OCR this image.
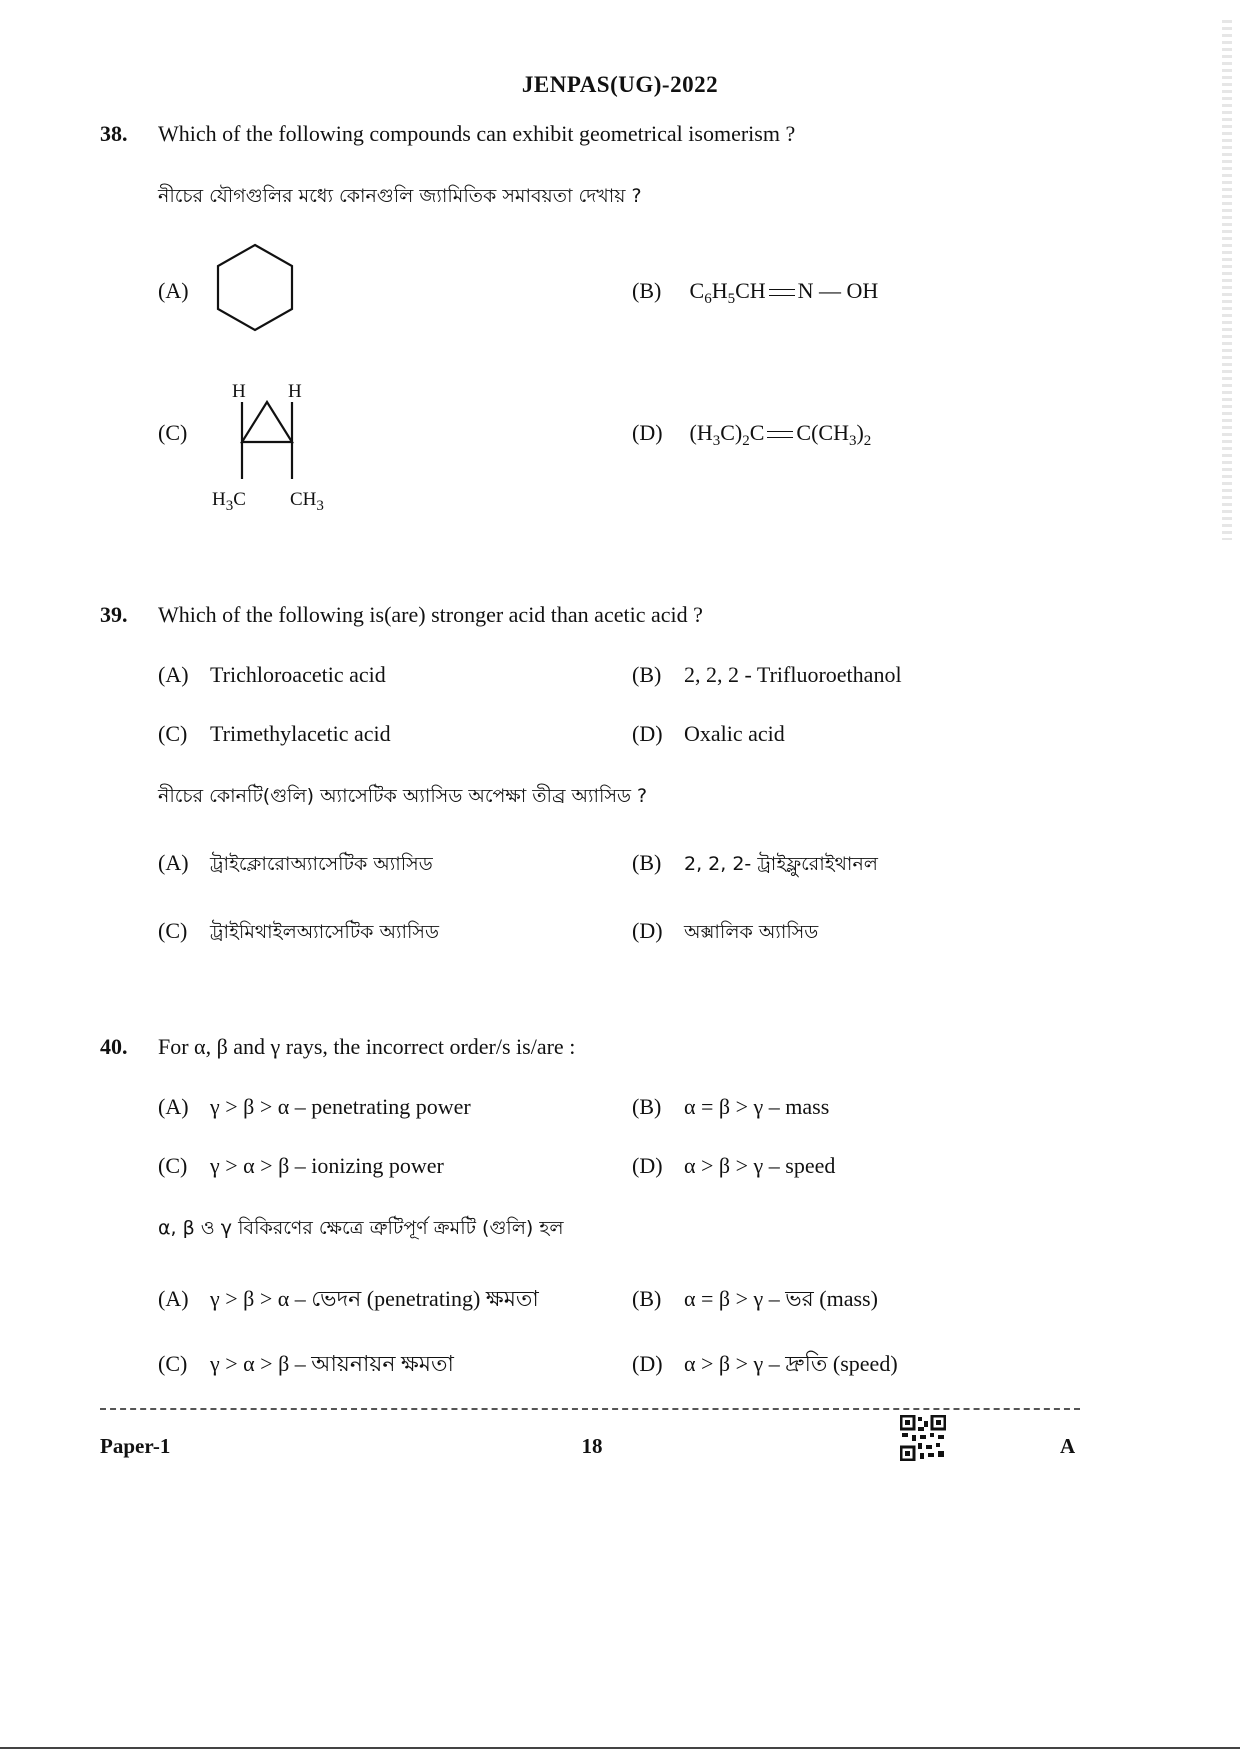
JENPAS(UG)-2022
38. Which of the following compounds can exhibit geometrical isomerism ?
নীচের যৌগগুলির মধ্যে কোনগুলি জ্যামিতিক সমাবয়তা দেখায় ?
(A)	(B) $C_6H_5CH$ N — OH
(C)
H H
$H_3C$ $CH_3$
(D) $(H_3C)_2C$ $C(CH_3)_2$
39. Which of the following is(are) stronger acid than acetic acid ?
(A) Trichloroacetic acid	(B) 2, 2, 2 - Trifluoroethanol
(C) Trimethylacetic acid	(D) Oxalic acid
নীচের কোনটি(গুলি) অ্যাসেটিক অ্যাসিড অপেক্ষা তীব্র অ্যাসিড ?
(A) ট্রাইক্লোরোঅ্যাসেটিক অ্যাসিড	(B) 2, 2, 2- ট্রাইফ্লুরোইথানল
(C) ট্রাইমিথাইলঅ্যাসেটিক অ্যাসিড	(D) অক্সালিক অ্যাসিড
40. For α, β and γ rays, the incorrect order/s is/are :
(A) γ > β > α – penetrating power	(B) α = β > γ – mass
(C) γ > α > β – ionizing power	(D) α > β > γ – speed
α, β ও γ বিকিরণের ক্ষেত্রে ত্রুটিপূর্ণ ক্রমটি (গুলি) হল
(A) γ > β > α – ভেদন (penetrating) ক্ষমতা	(B) α = β > γ – ভর (mass)
(C) γ > α > β – আয়নায়ন ক্ষমতা	(D) α > β > γ – দ্রুতি (speed)
Paper-1	18	A
